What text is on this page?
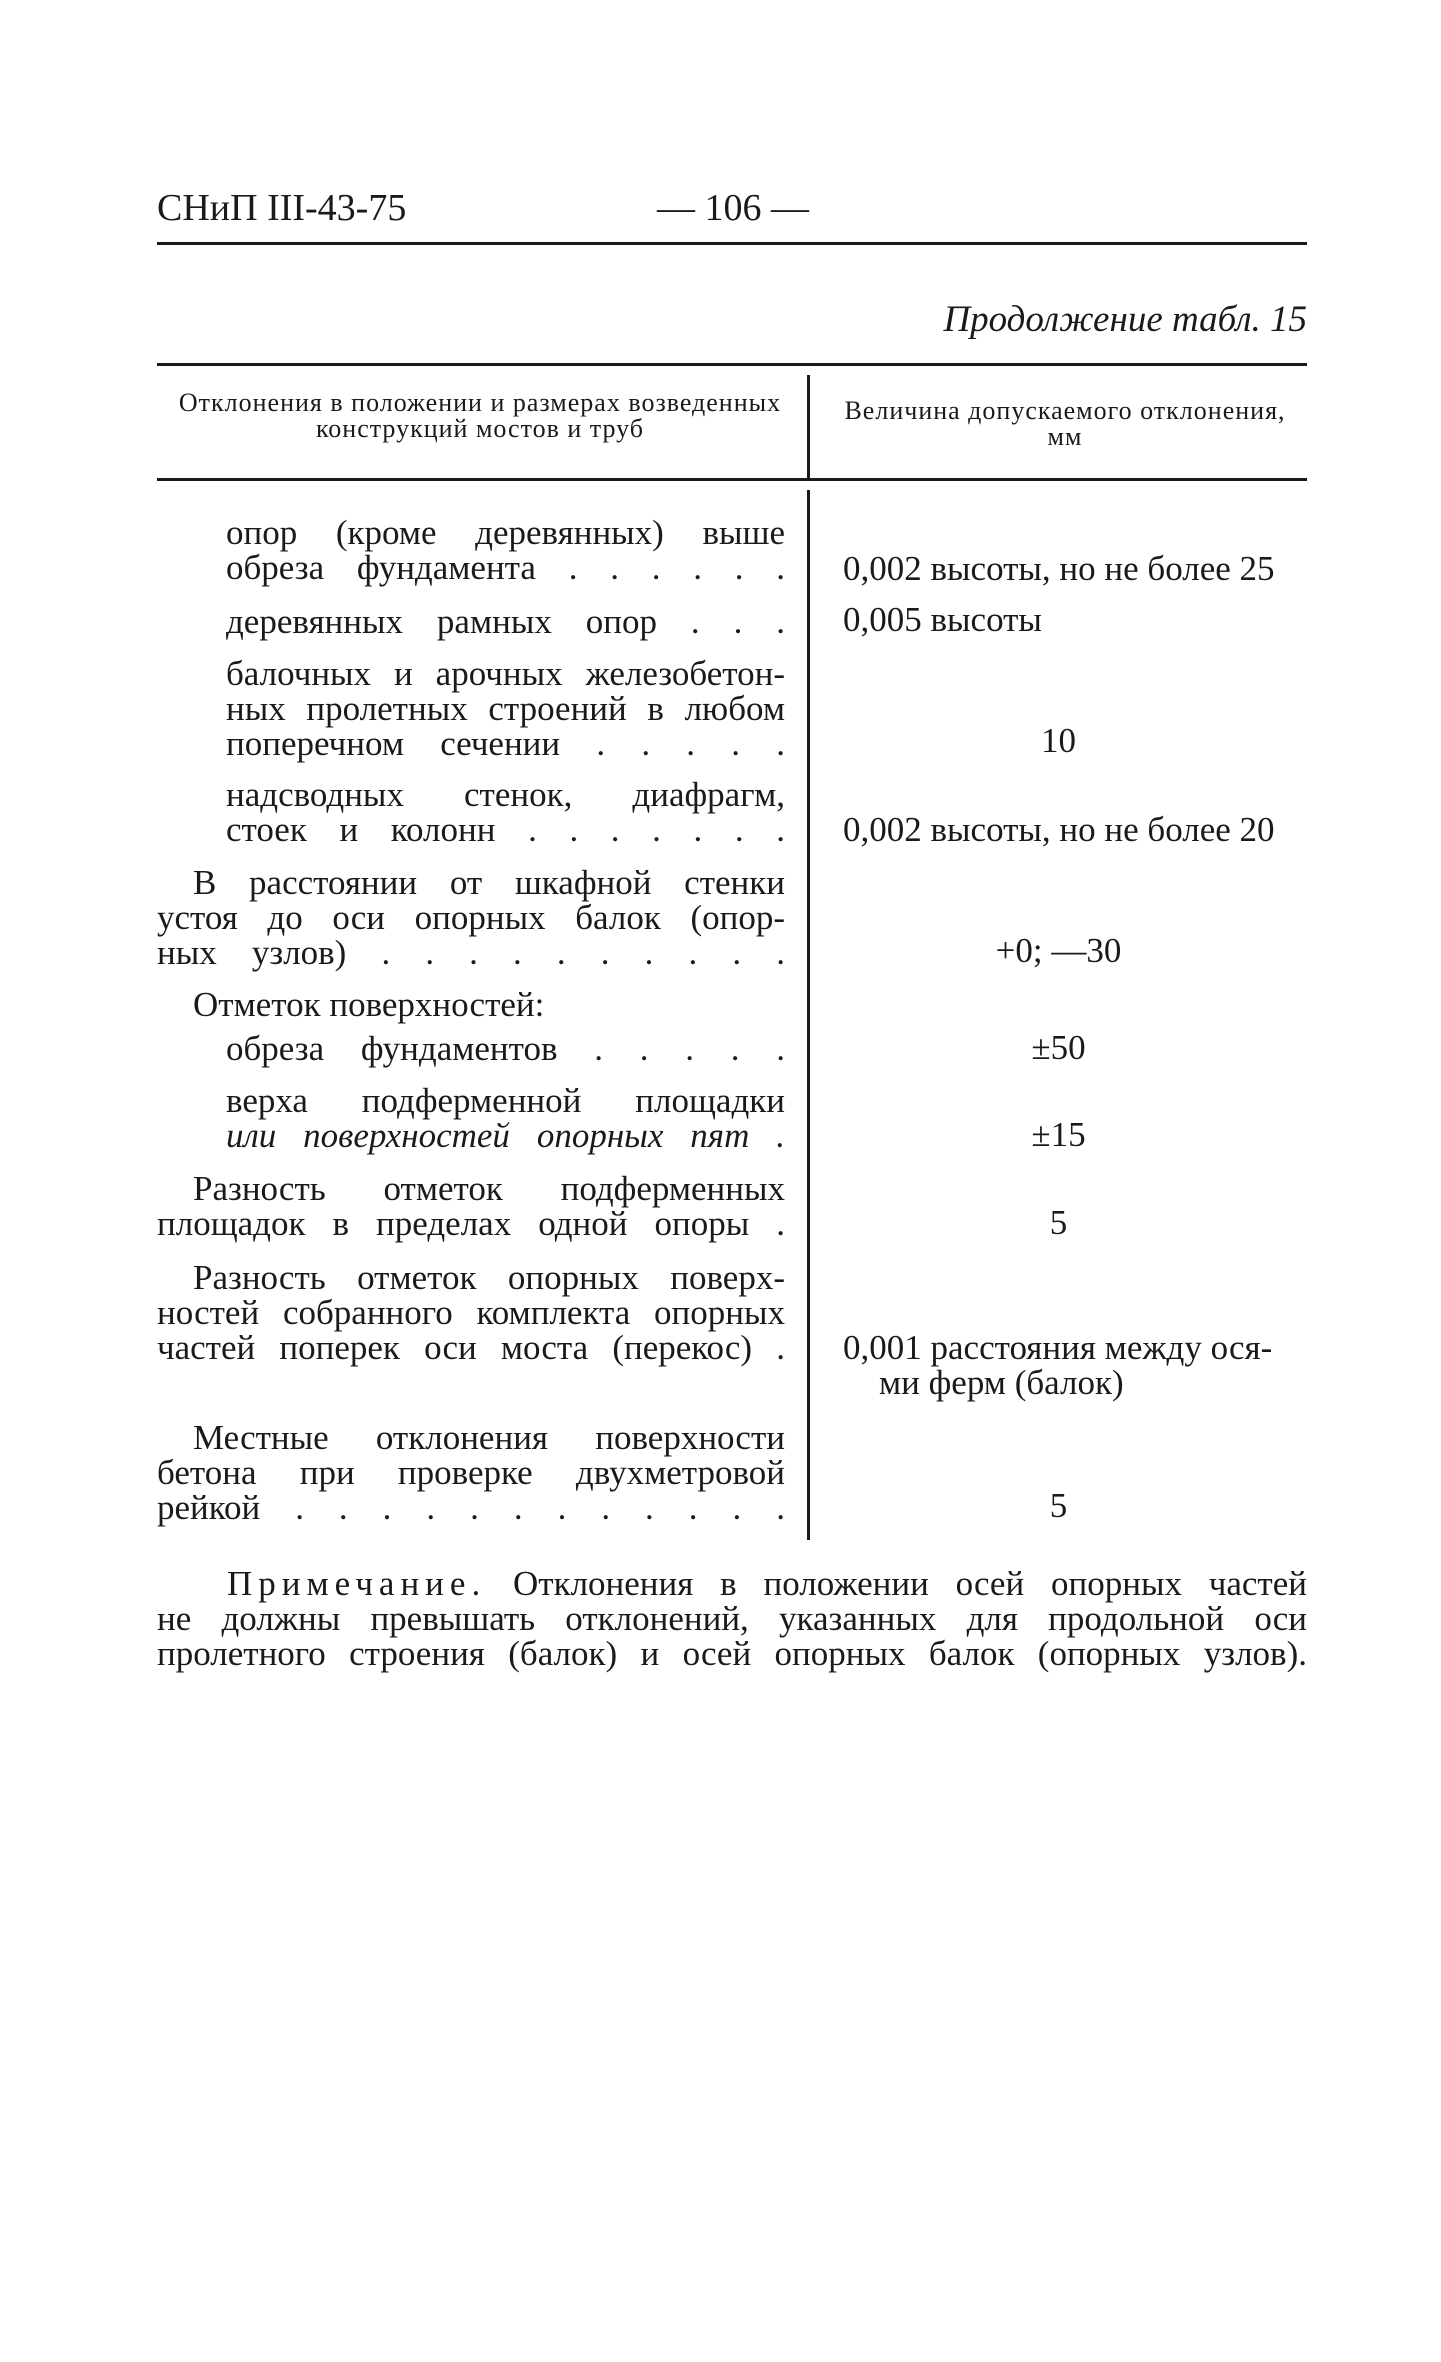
СНиП III-43-75	— 106 —
Продолжение табл. 15
Отклонения в положении и размерах возведенных конструкций мостов и труб
Величина допускаемого отклонения, мм
опор (кроме деревянных) выше
обреза фундамента . . . . . . 0,002 высоты, но не более 25
деревянных рамных опор . . . 0,005 высоты
балочных и арочных железобетон-
ных пролетных строений в любом
поперечном сечении . . . . .	10
надсводных стенок, диафрагм,
стоек и колонн . . . . . . . 0,002 высоты, но не более 20
В расстоянии от шкафной стенки
устоя до оси опорных балок (опор-
ных узлов) . . . . . . . . . .	+0; —30
Отметок поверхностей:
обреза фундаментов . . . . .	±50
верха подферменной площадки
или поверхностей опорных пят .	±15
Разность отметок подферменных
площадок в пределах одной опоры .	5
Разность отметок опорных поверх-
ностей собранного комплекта опорных
частей поперек оси моста (перекос) . 0,001 расстояния между ося-
ми ферм (балок)
Местные отклонения поверхности
бетона при проверке двухметровой
рейкой . . . . . . . . . . . .	5
Примечание. Отклонения в положении осей опорных частей
не должны превышать отклонений, указанных для продольной оси
пролетного строения (балок) и осей опорных балок (опорных узлов).
